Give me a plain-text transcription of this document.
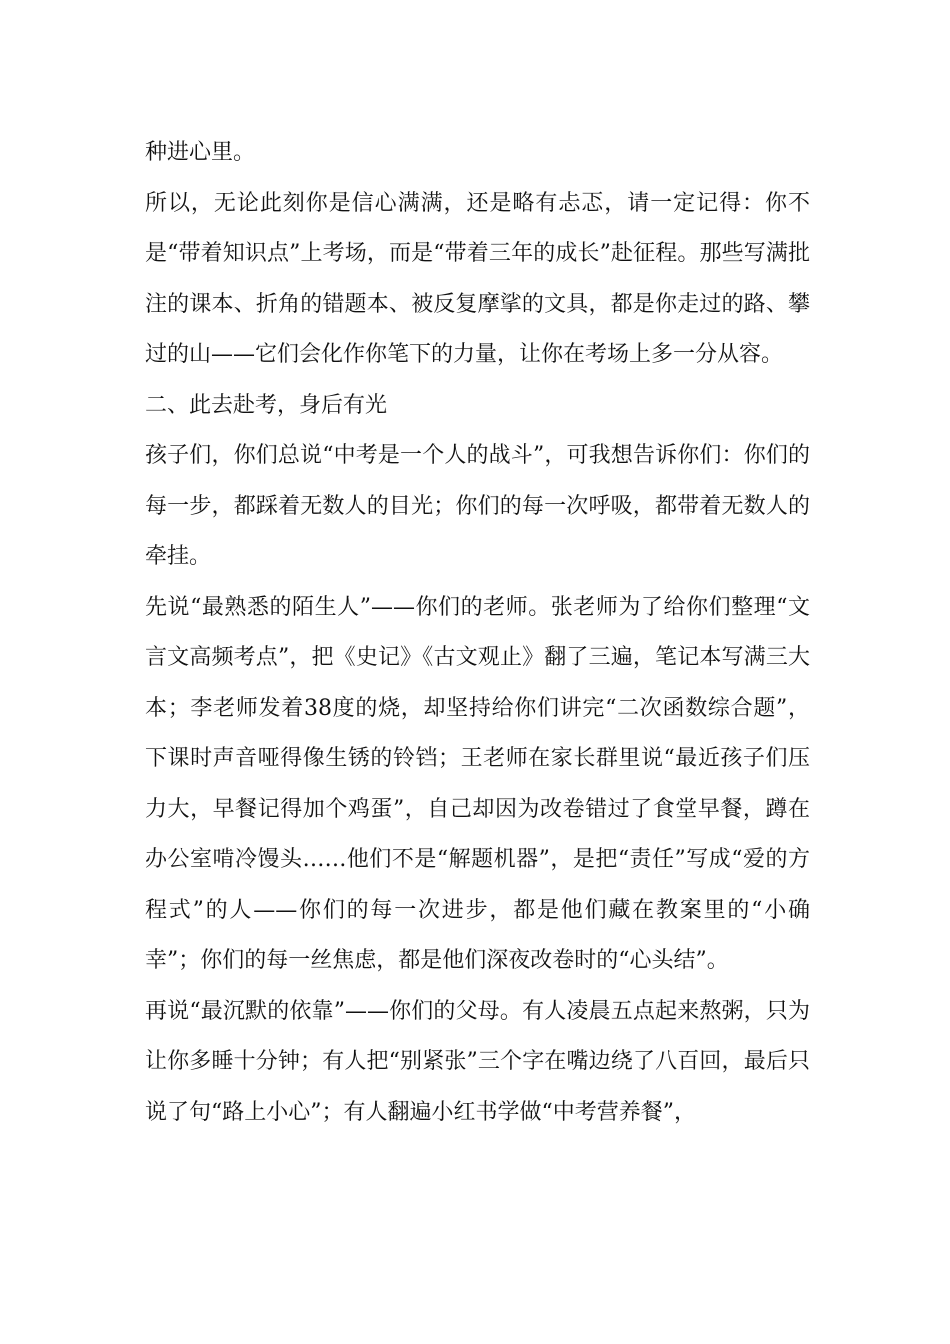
种进心里。

所以，无论此刻你是信心满满，还是略有忐忑，请一定记得：你不是“带着知识点”上考场，而是“带着三年的成长”赴征程。那些写满批注的课本、折角的错题本、被反复摩挲的文具，都是你走过的路、攀过的山——它们会化作你笔下的力量，让你在考场上多一分从容。

二、此去赴考，身后有光

孩子们，你们总说“中考是一个人的战斗”，可我想告诉你们：你们的每一步，都踩着无数人的目光；你们的每一次呼吸，都带着无数人的牵挂。

先说“最熟悉的陌生人”——你们的老师。张老师为了给你们整理“文言文高频考点”，把《史记》《古文观止》翻了三遍，笔记本写满三大本；李老师发着38度的烧，却坚持给你们讲完“二次函数综合题”，下课时声音哑得像生锈的铃铛；王老师在家长群里说“最近孩子们压力大，早餐记得加个鸡蛋”，自己却因为改卷错过了食堂早餐，蹲在办公室啃冷馒头……他们不是“解题机器”，是把“责任”写成“爱的方程式”的人——你们的每一次进步，都是他们藏在教案里的“小确幸”；你们的每一丝焦虑，都是他们深夜改卷时的“心头结”。

再说“最沉默的依靠”——你们的父母。有人凌晨五点起来熬粥，只为让你多睡十分钟；有人把“别紧张”三个字在嘴边绕了八百回，最后只说了句“路上小心”；有人翻遍小红书学做“中考营养餐”，
